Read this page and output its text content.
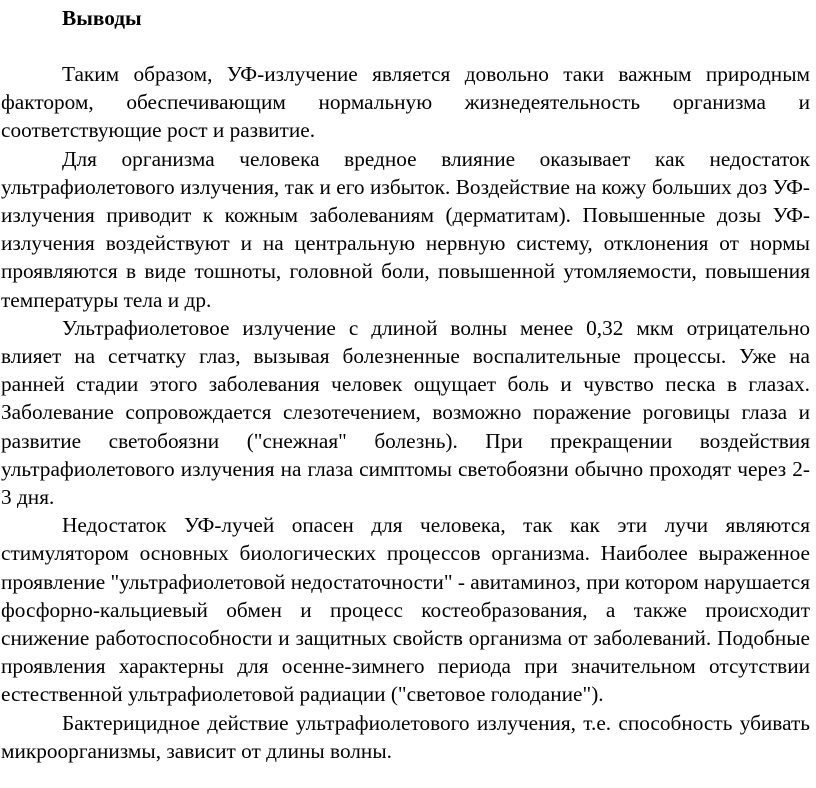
Выводы

Таким образом, УФ-излучение является довольно таки важным природным фактором, обеспечивающим нормальную жизнедеятельность организма и соответствующие рост и развитие.

Для организма человека вредное влияние оказывает как недостаток ультрафиолетового излучения, так и его избыток. Воздействие на кожу больших доз УФ-излучения приводит к кожным заболеваниям (дерматитам). Повышенные дозы УФ-излучения воздействуют и на центральную нервную систему, отклонения от нормы проявляются в виде тошноты, головной боли, повышенной утомляемости, повышения температуры тела и др.

Ультрафиолетовое излучение с длиной волны менее 0,32 мкм отрицательно влияет на сетчатку глаз, вызывая болезненные воспалительные процессы. Уже на ранней стадии этого заболевания человек ощущает боль и чувство песка в глазах. Заболевание сопровождается слезотечением, возможно поражение роговицы глаза и развитие светобоязни ("снежная" болезнь). При прекращении воздействия ультрафиолетового излучения на глаза симптомы светобоязни обычно проходят через 2-3 дня.

Недостаток УФ-лучей опасен для человека, так как эти лучи являются стимулятором основных биологических процессов организма. Наиболее выраженное проявление "ультрафиолетовой недостаточности" - авитаминоз, при котором нарушается фосфорно-кальциевый обмен и процесс костеобразования, а также происходит снижение работоспособности и защитных свойств организма от заболеваний. Подобные проявления характерны для осенне-зимнего периода при значительном отсутствии естественной ультрафиолетовой радиации ("световое голодание").

Бактерицидное действие ультрафиолетового излучения, т.е. способность убивать микроорганизмы, зависит от длины волны.
